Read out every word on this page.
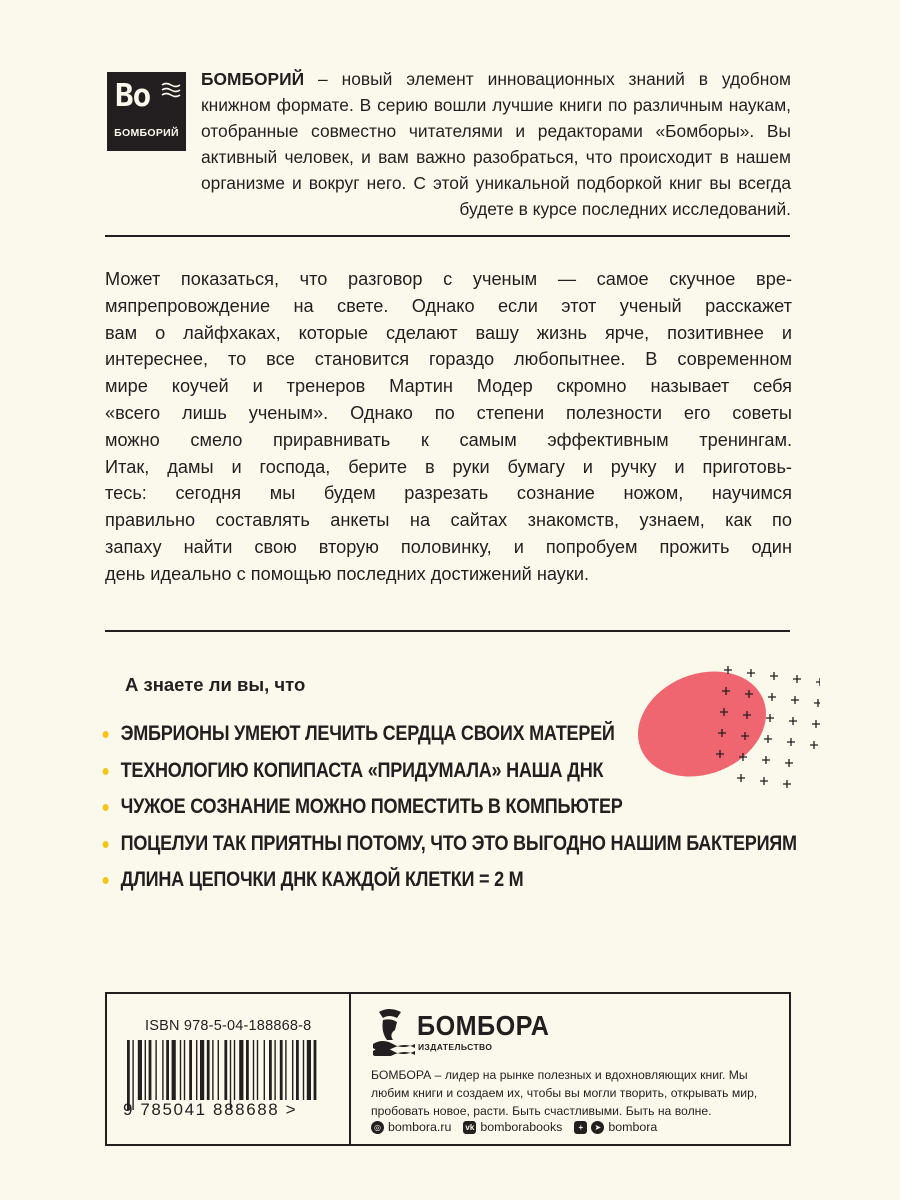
Bo
БОМБОРИЙ

БОМБОРИЙ – новый элемент инновационных знаний в удобном книжном формате. В серию вошли лучшие книги по различным наукам, отобранные совместно читателями и редакторами «Бомборы». Вы активный человек, и вам важно разобраться, что происходит в нашем организме и вокруг него. С этой уникальной подборкой книг вы всегда будете в курсе последних исследований.

Может показаться, что разговор с ученым — самое скучное вре-
мяпрепровождение на свете. Однако если этот ученый расскажет
вам о лайфхаках, которые сделают вашу жизнь ярче, позитивнее и
интереснее, то все становится гораздо любопытнее. В современном
мире коучей и тренеров Мартин Модер скромно называет себя
«всего лишь ученым». Однако по степени полезности его советы
можно смело приравнивать к самым эффективным тренингам.
Итак, дамы и господа, берите в руки бумагу и ручку и приготовь-
тесь: сегодня мы будем разрезать сознание ножом, научимся
правильно составлять анкеты на сайтах знакомств, узнаем, как по
запаху найти свою вторую половинку, и попробуем прожить один
день идеально с помощью последних достижений науки.
А знаете ли вы, что
ЭМБРИОНЫ УМЕЮТ ЛЕЧИТЬ СЕРДЦА СВОИХ МАТЕРЕЙ
ТЕХНОЛОГИЮ КОПИПАСТА «ПРИДУМАЛА» НАША ДНК
ЧУЖОЕ СОЗНАНИЕ МОЖНО ПОМЕСТИТЬ В КОМПЬЮТЕР
ПОЦЕЛУИ ТАК ПРИЯТНЫ ПОТОМУ, ЧТО ЭТО ВЫГОДНО НАШИМ БАКТЕРИЯМ
ДЛИНА ЦЕПОЧКИ ДНК КАЖДОЙ КЛЕТКИ = 2 М
ISBN 978-5-04-188868-8
9 785041 888688 >
БОМБОРА
ИЗДАТЕЛЬСТВО

БОМБОРА – лидер на рынке полезных и вдохновляющих книг. Мы любим книги и создаем их, чтобы вы могли творить, открывать мир, пробовать новое, расти. Быть счастливыми. Быть на волне.

◎ bombora.ru vk bomborabooks	+	➤ bombora
